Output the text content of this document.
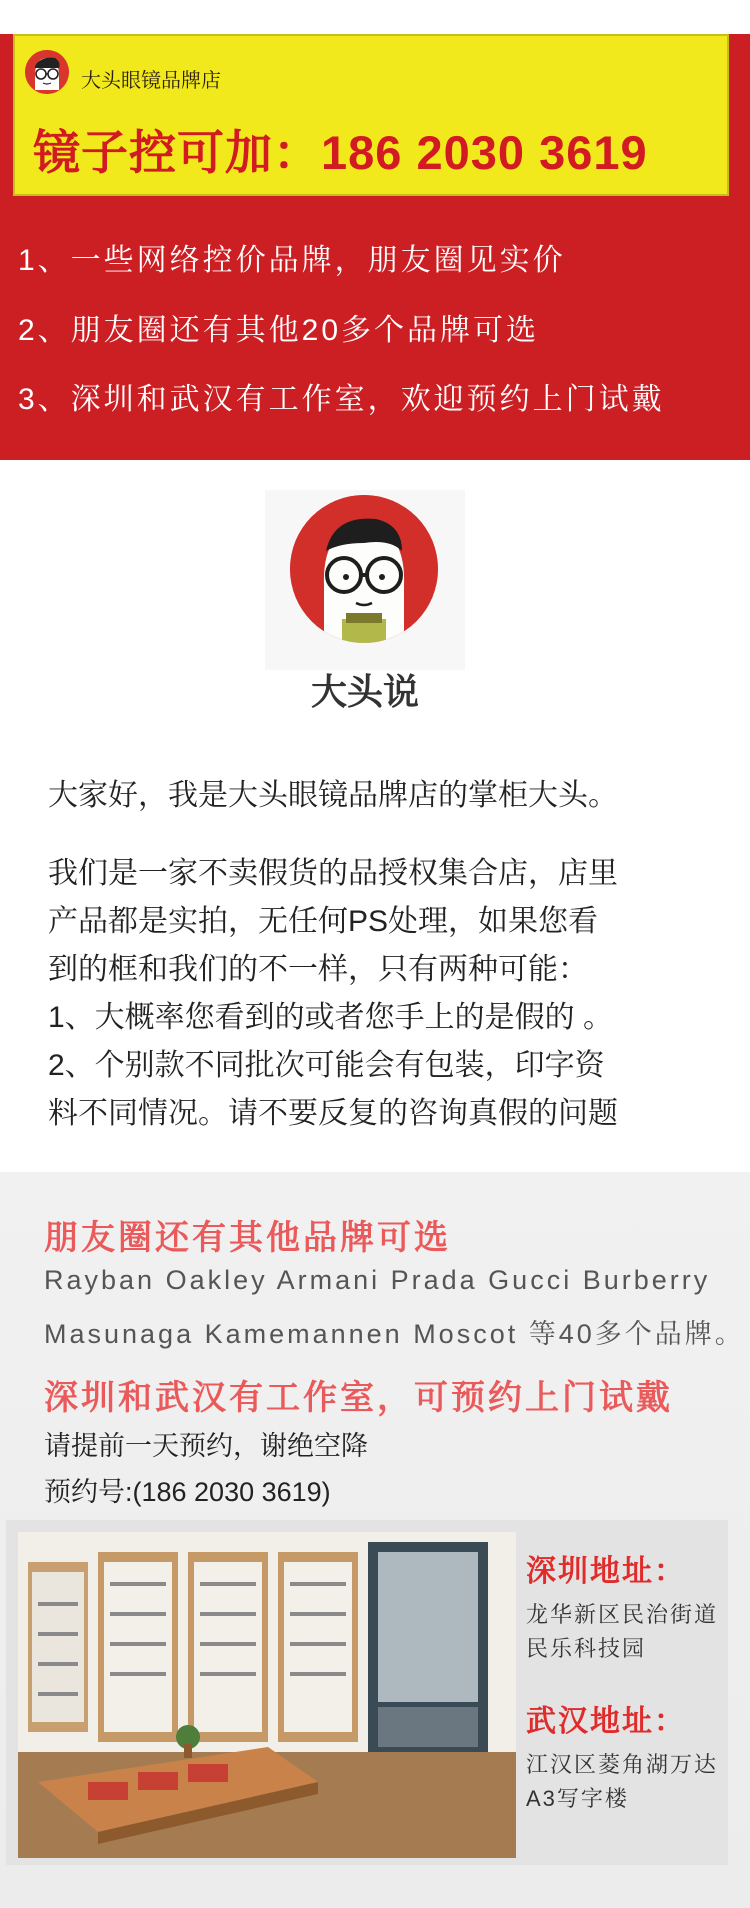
大头眼镜品牌店
镜子控可加：186 2030 3619
1、一些网络控价品牌，朋友圈见实价
2、朋友圈还有其他20多个品牌可选
3、深圳和武汉有工作室，欢迎预约上门试戴
大头说
大家好，我是大头眼镜品牌店的掌柜大头。
我们是一家不卖假货的品授权集合店，店里
产品都是实拍，无任何PS处理，如果您看
到的框和我们的不一样，只有两种可能：
1、大概率您看到的或者您手上的是假的 。
2、个别款不同批次可能会有包装，印字资
料不同情况。请不要反复的咨询真假的问题
朋友圈还有其他品牌可选
Rayban Oakley Armani Prada Gucci Burberry
Masunaga Kamemannen Moscot 等40多个品牌。
深圳和武汉有工作室，可预约上门试戴
请提前一天预约，谢绝空降
预约号:(186 2030 3619)
深圳地址：
龙华新区民治街道
民乐科技园
武汉地址：
江汉区菱角湖万达
A3写字楼
